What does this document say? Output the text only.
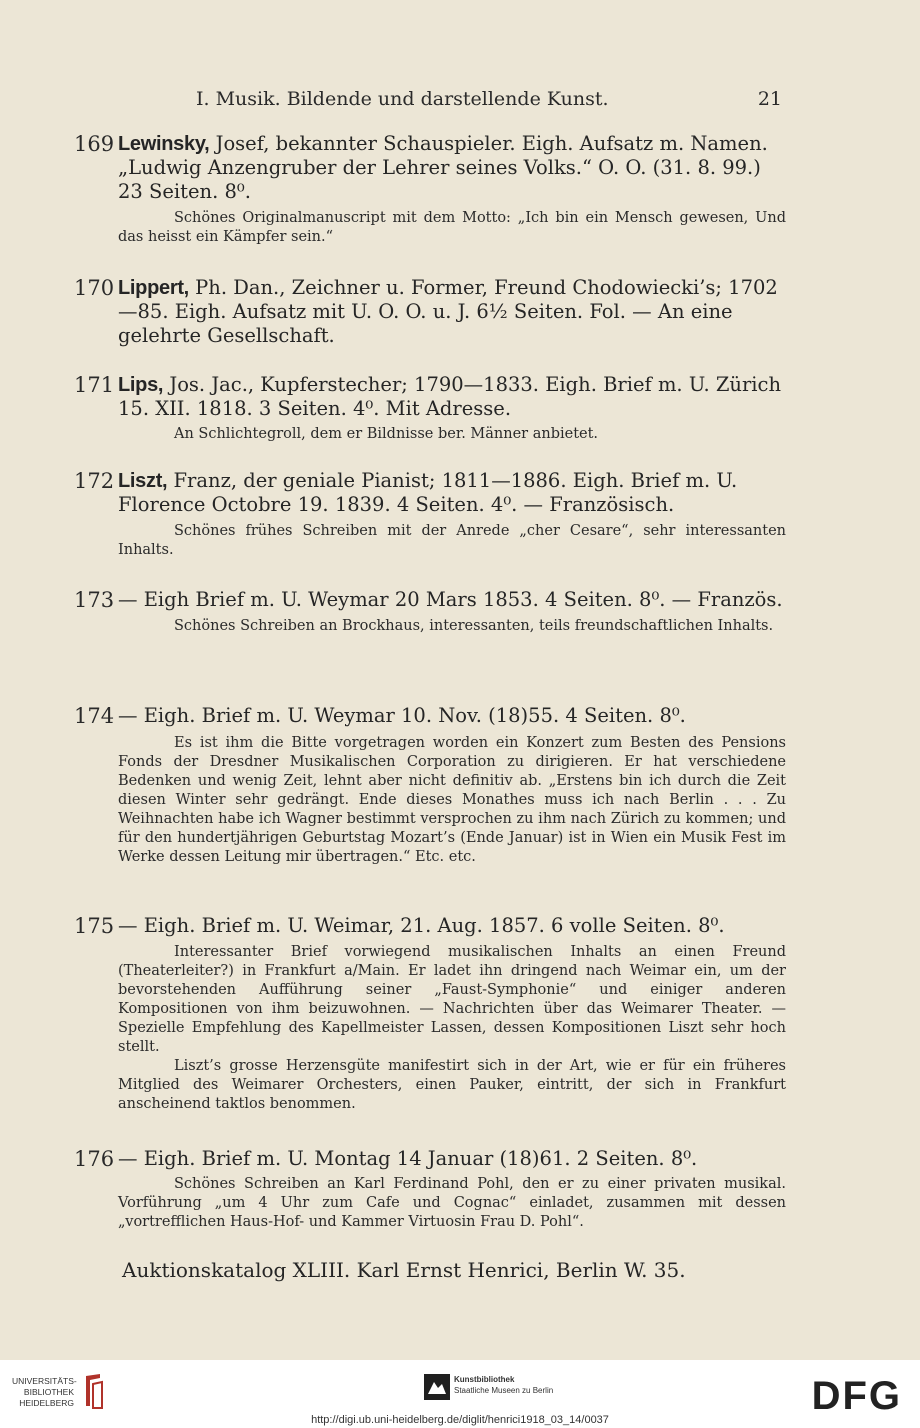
I. Musik. Bildende und darstellende Kunst.	21
169 Lewinsky, Josef, bekannter Schauspieler. Eigh. Aufsatz m. Namen. „Ludwig Anzengruber der Lehrer seines Volks.“ O. O. (31. 8. 99.) 23 Seiten. 8⁰.
Schönes Originalmanuscript mit dem Motto: „Ich bin ein Mensch gewesen, Und das heisst ein Kämpfer sein.“
170 Lippert, Ph. Dan., Zeichner u. Former, Freund Chodowiecki’s; 1702—85. Eigh. Aufsatz mit U. O. O. u. J. 6½ Seiten. Fol. — An eine gelehrte Gesellschaft.
171 Lips, Jos. Jac., Kupferstecher; 1790—1833. Eigh. Brief m. U. Zürich 15. XII. 1818. 3 Seiten. 4⁰. Mit Adresse.
An Schlichtegroll, dem er Bildnisse ber. Männer anbietet.
172 Liszt, Franz, der geniale Pianist; 1811—1886. Eigh. Brief m. U. Florence Octobre 19. 1839. 4 Seiten. 4⁰. — Französisch.
Schönes frühes Schreiben mit der Anrede „cher Cesare“, sehr interessanten Inhalts.
173 — Eigh Brief m. U. Weymar 20 Mars 1853. 4 Seiten. 8⁰. — Französ.
Schönes Schreiben an Brockhaus, interessanten, teils freundschaftlichen Inhalts.
174 — Eigh. Brief m. U. Weymar 10. Nov. (18)55. 4 Seiten. 8⁰.
Es ist ihm die Bitte vorgetragen worden ein Konzert zum Besten des Pensions Fonds der Dresdner Musikalischen Corporation zu dirigieren. Er hat verschiedene Bedenken und wenig Zeit, lehnt aber nicht definitiv ab. „Erstens bin ich durch die Zeit diesen Winter sehr gedrängt. Ende dieses Monathes muss ich nach Berlin . . . Zu Weihnachten habe ich Wagner bestimmt versprochen zu ihm nach Zürich zu kommen; und für den hundertjährigen Geburtstag Mozart’s (Ende Januar) ist in Wien ein Musik Fest im Werke dessen Leitung mir übertragen.“ Etc. etc.
175 — Eigh. Brief m. U. Weimar, 21. Aug. 1857. 6 volle Seiten. 8⁰.
Interessanter Brief vorwiegend musikalischen Inhalts an einen Freund (Theaterleiter?) in Frankfurt a/Main. Er ladet ihn dringend nach Weimar ein, um der bevorstehenden Aufführung seiner „Faust-Symphonie“ und einiger anderen Kompositionen von ihm beizuwohnen. — Nachrichten über das Weimarer Theater. — Spezielle Empfehlung des Kapellmeister Lassen, dessen Kompositionen Liszt sehr hoch stellt.
Liszt’s grosse Herzensgüte manifestirt sich in der Art, wie er für ein früheres Mitglied des Weimarer Orchesters, einen Pauker, eintritt, der sich in Frankfurt anscheinend taktlos benommen.
176 — Eigh. Brief m. U. Montag 14 Januar (18)61. 2 Seiten. 8⁰.
Schönes Schreiben an Karl Ferdinand Pohl, den er zu einer privaten musikal. Vorführung „um 4 Uhr zum Cafe und Cognac“ einladet, zusammen mit dessen „vortrefflichen Haus-Hof- und Kammer Virtuosin Frau D. Pohl“.
Auktionskatalog XLIII. Karl Ernst Henrici, Berlin W. 35.
UNIVERSITÄTS-
BIBLIOTHEK
HEIDELBERG
Kunstbibliothek
Staatliche Museen zu Berlin	DFG
http://digi.ub.uni-heidelberg.de/diglit/henrici1918_03_14/0037
